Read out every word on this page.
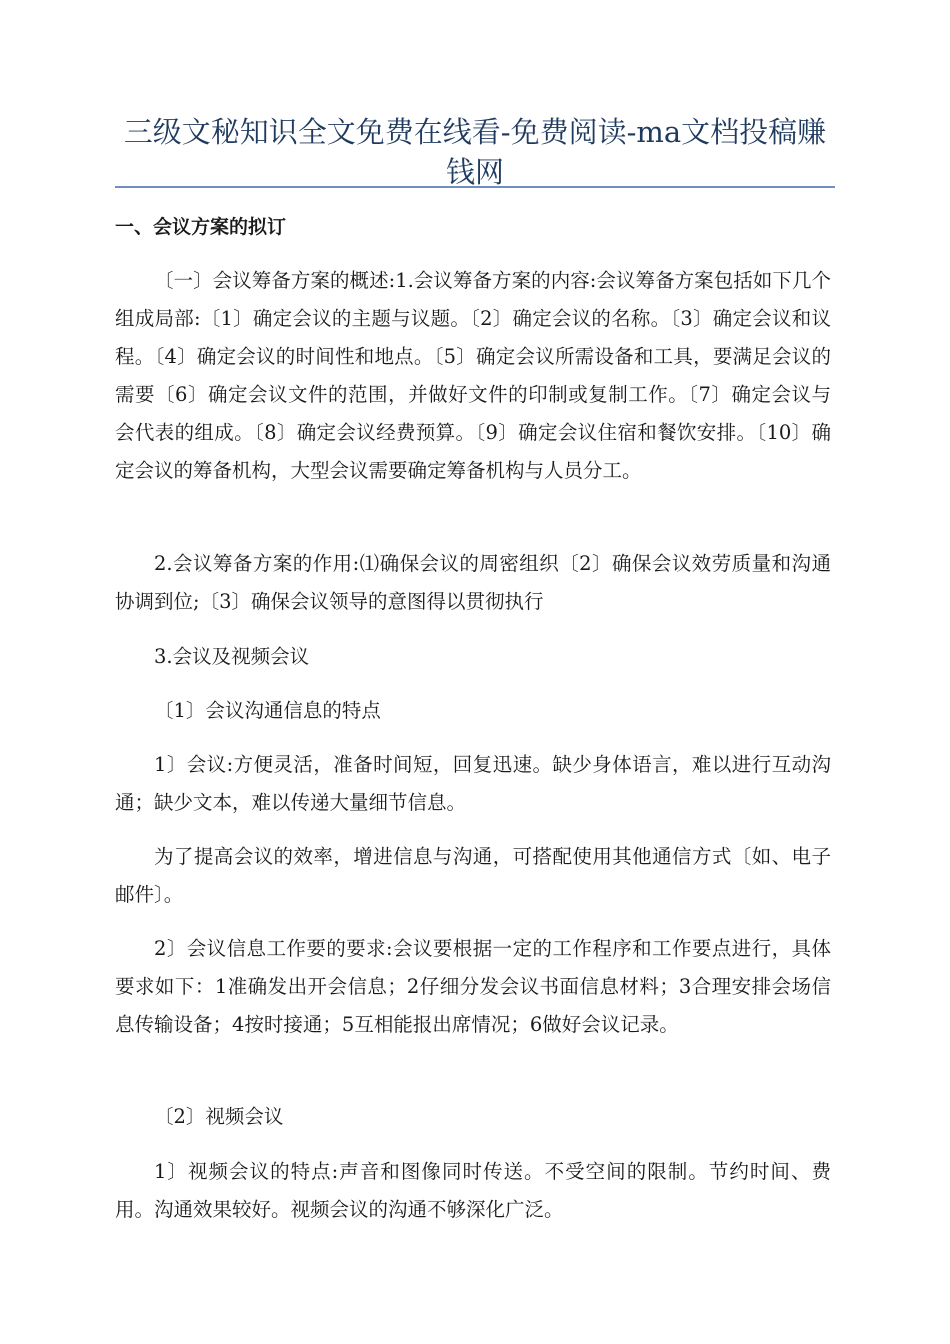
三级文秘知识全文免费在线看-免费阅读-ma文档投稿赚钱网
一、会议方案的拟订

〔一〕会议筹备方案的概述:1.会议筹备方案的内容:会议筹备方案包括如下几个组成局部:〔1〕确定会议的主题与议题。〔2〕确定会议的名称。〔3〕确定会议和议程。〔4〕确定会议的时间性和地点。〔5〕确定会议所需设备和工具，要满足会议的需要〔6〕确定会议文件的范围，并做好文件的印制或复制工作。〔7〕确定会议与会代表的组成。〔8〕确定会议经费预算。〔9〕确定会议住宿和餐饮安排。〔10〕确定会议的筹备机构，大型会议需要确定筹备机构与人员分工。

2.会议筹备方案的作用:⑴确保会议的周密组织〔2〕确保会议效劳质量和沟通协调到位;〔3〕确保会议领导的意图得以贯彻执行

3.会议及视频会议

〔1〕会议沟通信息的特点

1〕会议:方便灵活，准备时间短，回复迅速。缺少身体语言，难以进行互动沟通；缺少文本，难以传递大量细节信息。

为了提高会议的效率，增进信息与沟通，可搭配使用其他通信方式〔如、电子邮件〕。

2〕会议信息工作要的要求:会议要根据一定的工作程序和工作要点进行，具体要求如下：1准确发出开会信息；2仔细分发会议书面信息材料；3合理安排会场信息传输设备；4按时接通；5互相能报出席情况；6做好会议记录。

〔2〕视频会议

1〕视频会议的特点:声音和图像同时传送。不受空间的限制。节约时间、费用。沟通效果较好。视频会议的沟通不够深化广泛。
